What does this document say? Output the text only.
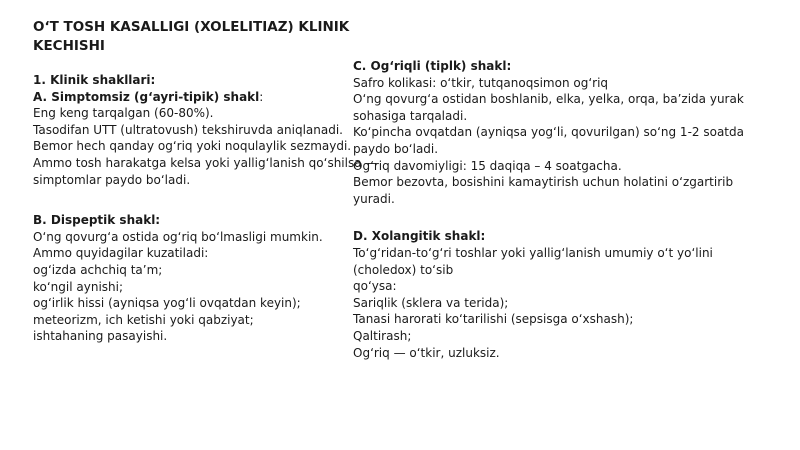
O‘T TOSH KASALLIGI (XOLELITIAZ) KLINIK KECHISHI
1. Klinik shakllari:
A. Simptomsiz (g‘ayri-tipik) shakl:
Eng keng tarqalgan (60-80%).
Tasodifan UTT (ultratovush) tekshiruvda aniqlanadi.
Bemor hech qanday og‘riq yoki noqulaylik sezmaydi.
Ammo tosh harakatga kelsa yoki yallig‘lanish qo‘shilsa —
simptomlar paydo bo‘ladi.
B. Dispeptik shakl:
O‘ng qovurg‘a ostida og‘riq bo‘lmasligi mumkin.
Ammo quyidagilar kuzatiladi:
og‘izda achchiq ta’m;
ko‘ngil aynishi;
og‘irlik hissi (ayniqsa yog‘li ovqatdan keyin);
meteorizm, ich ketishi yoki qabziyat;
ishtahaning pasayishi.
C. Og‘riqli (tiplk) shakl:
Safro kolikasi: o‘tkir, tutqanoqsimon og‘riq
O‘ng qovurg‘a ostidan boshlanib, elka, yelka, orqa, ba’zida yurak sohasiga tarqaladi.
Ko‘pincha ovqatdan (ayniqsa yog‘li, qovurilgan) so‘ng 1-2 soatda paydo bo‘ladi.
Og‘riq davomiyligi: 15 daqiqa – 4 soatgacha.
Bemor bezovta, bosishini kamaytirish uchun holatini o‘zgartirib yuradi.
D. Xolangitik shakl:
To‘g‘ridan-to‘g‘ri toshlar yoki yallig‘lanish umumiy o‘t yo‘lini (choledox) to‘sib
qo‘ysa:
Sariqlik (sklera va terida);
Tanasi harorati ko‘tarilishi (sepsisga o‘xshash);
Qaltirash;
Og‘riq — o‘tkir, uzluksiz.
